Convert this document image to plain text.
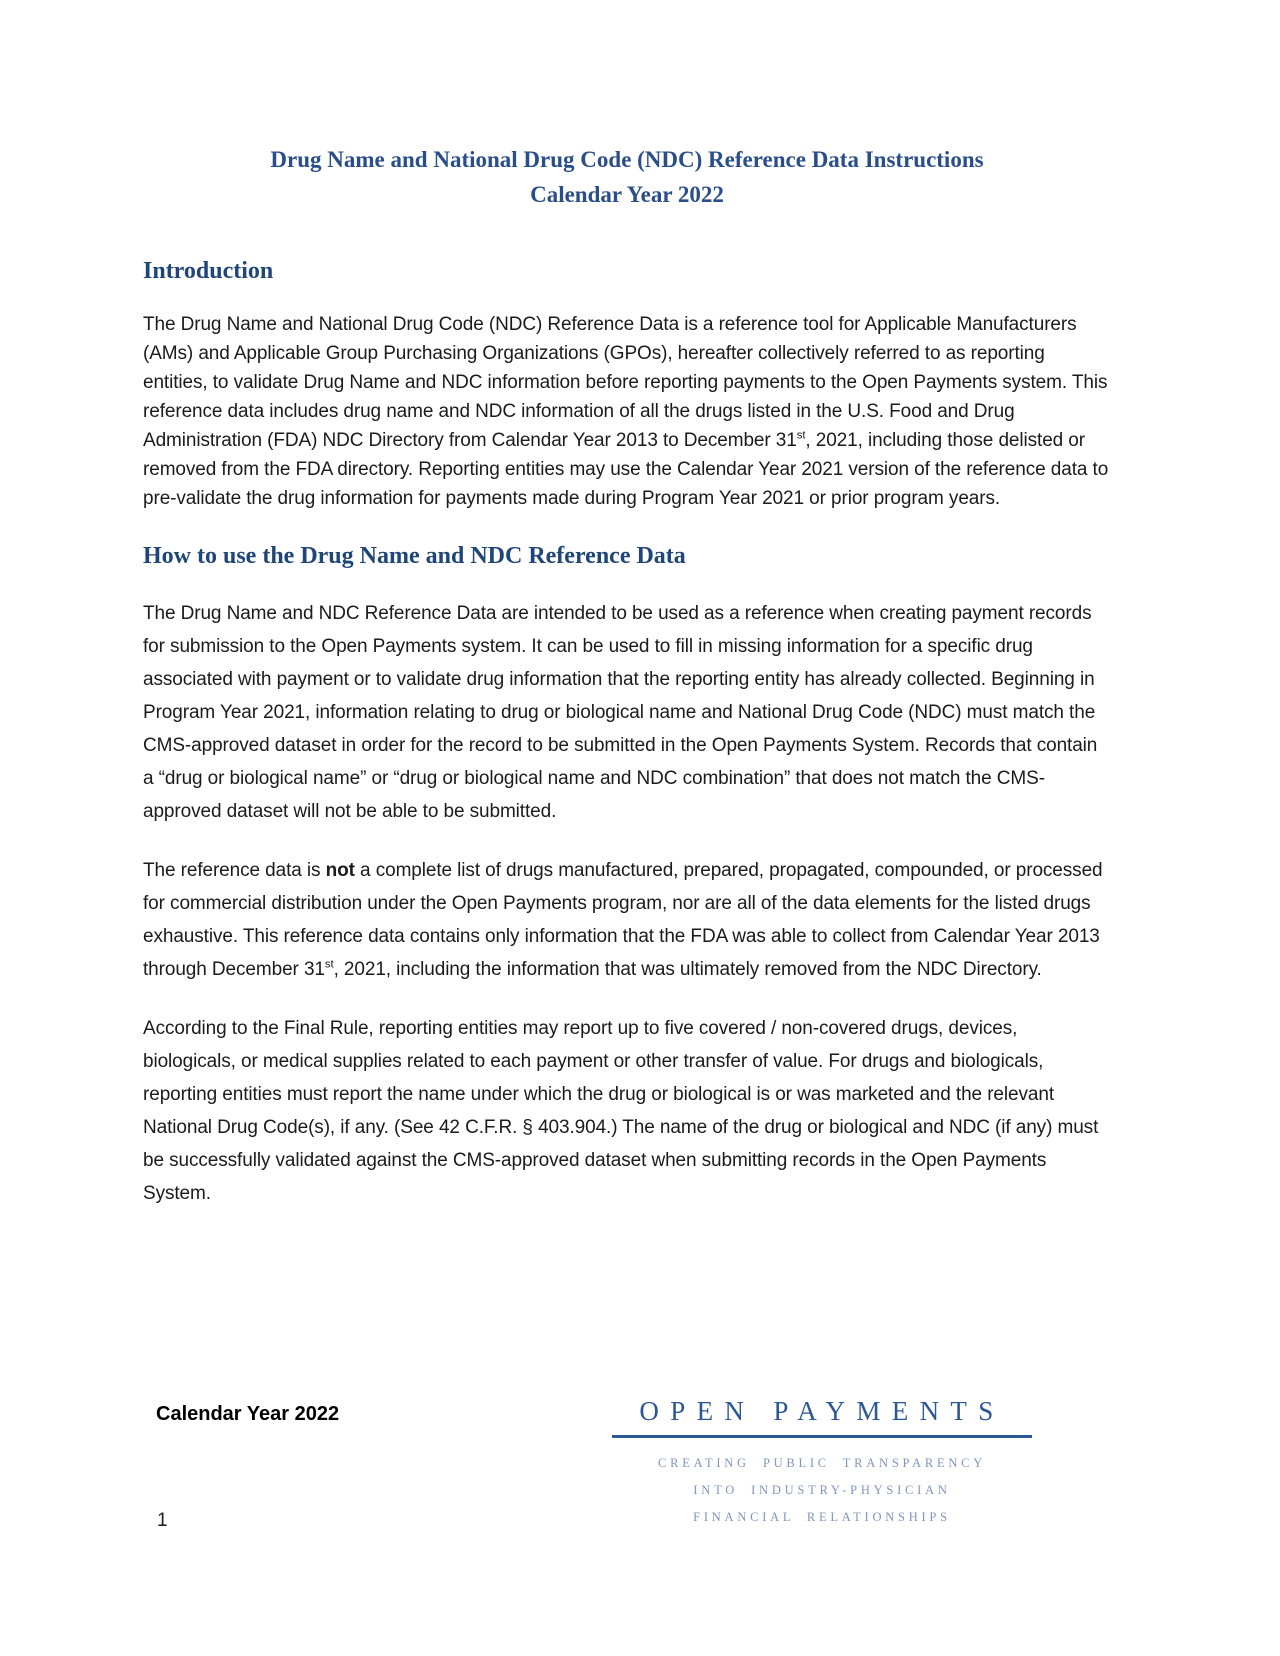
Drug Name and National Drug Code (NDC) Reference Data Instructions
Calendar Year 2022
Introduction

The Drug Name and National Drug Code (NDC) Reference Data is a reference tool for Applicable Manufacturers (AMs) and Applicable Group Purchasing Organizations (GPOs), hereafter collectively referred to as reporting entities, to validate Drug Name and NDC information before reporting payments to the Open Payments system. This reference data includes drug name and NDC information of all the drugs listed in the U.S. Food and Drug Administration (FDA) NDC Directory from Calendar Year 2013 to December 31st, 2021, including those delisted or removed from the FDA directory. Reporting entities may use the Calendar Year 2021 version of the reference data to pre-validate the drug information for payments made during Program Year 2021 or prior program years.

How to use the Drug Name and NDC Reference Data

The Drug Name and NDC Reference Data are intended to be used as a reference when creating payment records for submission to the Open Payments system. It can be used to fill in missing information for a specific drug associated with payment or to validate drug information that the reporting entity has already collected. Beginning in Program Year 2021, information relating to drug or biological name and National Drug Code (NDC) must match the CMS-approved dataset in order for the record to be submitted in the Open Payments System. Records that contain a “drug or biological name” or “drug or biological name and NDC combination” that does not match the CMS-approved dataset will not be able to be submitted.

The reference data is not a complete list of drugs manufactured, prepared, propagated, compounded, or processed for commercial distribution under the Open Payments program, nor are all of the data elements for the listed drugs exhaustive. This reference data contains only information that the FDA was able to collect from Calendar Year 2013 through December 31st, 2021, including the information that was ultimately removed from the NDC Directory.

According to the Final Rule, reporting entities may report up to five covered / non-covered drugs, devices, biologicals, or medical supplies related to each payment or other transfer of value. For drugs and biologicals, reporting entities must report the name under which the drug or biological is or was marketed and the relevant National Drug Code(s), if any. (See 42 C.F.R. § 403.904.) The name of the drug or biological and NDC (if any) must be successfully validated against the CMS-approved dataset when submitting records in the Open Payments System.

Calendar Year 2022	OPEN PAYMENTS
CREATING PUBLIC TRANSPARENCY
INTO INDUSTRY-PHYSICIAN
FINANCIAL RELATIONSHIPS
1
